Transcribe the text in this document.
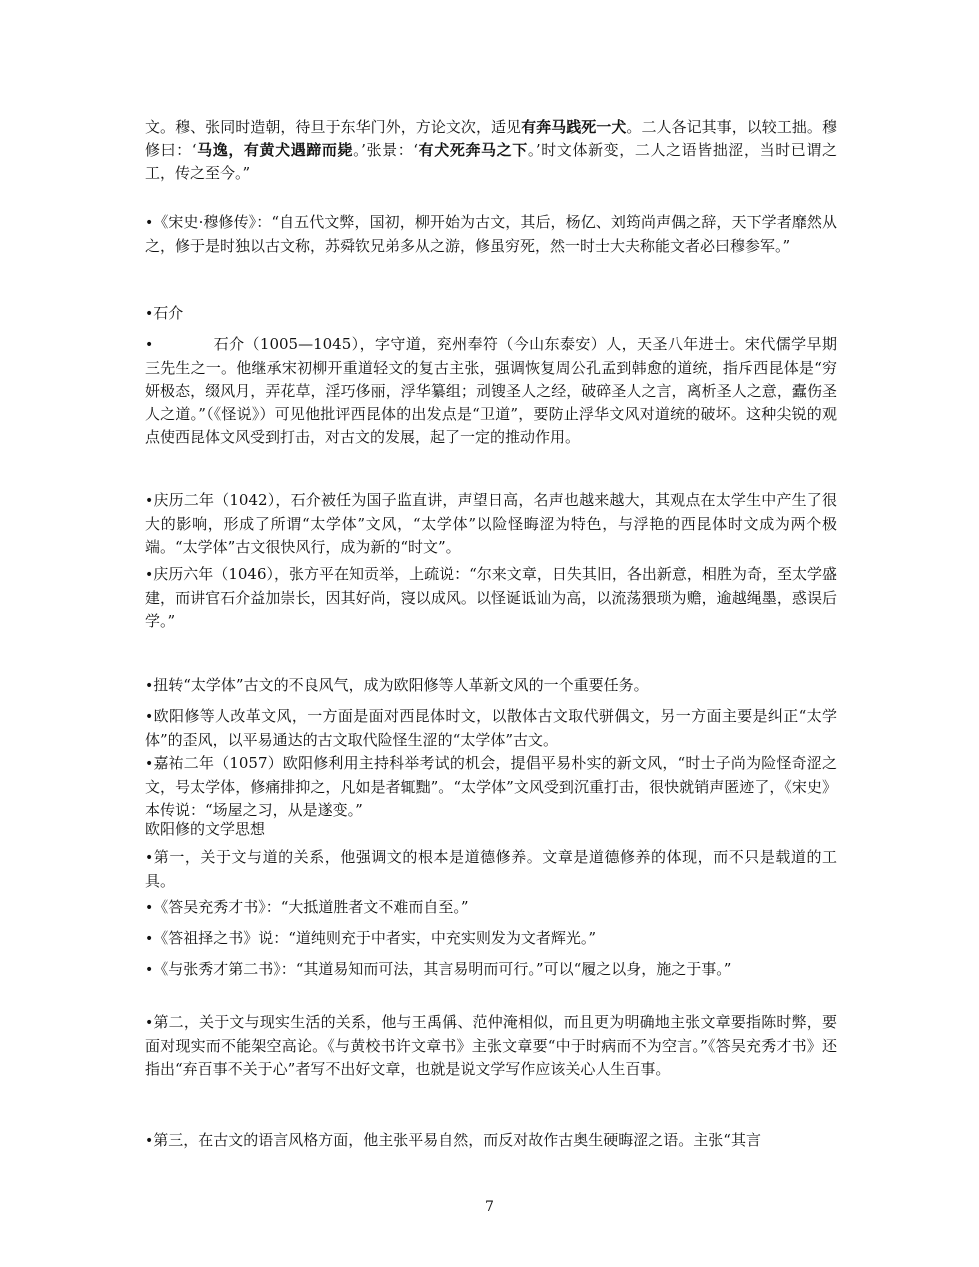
文。穆、张同时造朝，待旦于东华门外，方论文次，适见有奔马践死一犬。二人各记其事，以较工拙。穆修曰：‘马逸，有黄犬遇蹄而毙。’张景：‘有犬死奔马之下。’时文体新变，二人之语皆拙涩，当时已谓之工，传之至今。”

•《宋史·穆修传》：“自五代文弊，国初，柳开始为古文，其后，杨亿、刘筠尚声偶之辞，天下学者靡然从之，修于是时独以古文称，苏舜钦兄弟多从之游，修虽穷死，然一时士大夫称能文者必曰穆参军。”

•石介

•	石介（1005—1045），字守道，兖州奉符（今山东泰安）人，天圣八年进士。宋代儒学早期三先生之一。他继承宋初柳开重道轻文的复古主张，强调恢复周公孔孟到韩愈的道统，指斥西昆体是“穷妍极态，缀风月，弄花草，淫巧侈丽，浮华纂组；刓锼圣人之经，破碎圣人之言，离析圣人之意，蠹伤圣人之道。”（《怪说》）可见他批评西昆体的出发点是“卫道”，要防止浮华文风对道统的破坏。这种尖锐的观点使西昆体文风受到打击，对古文的发展，起了一定的推动作用。

•庆历二年（1042），石介被任为国子监直讲，声望日高，名声也越来越大，其观点在太学生中产生了很大的影响，形成了所谓“太学体”文风，“太学体”以险怪晦涩为特色，与浮艳的西昆体时文成为两个极端。“太学体”古文很快风行，成为新的“时文”。

•庆历六年（1046），张方平在知贡举，上疏说：“尔来文章，日失其旧，各出新意，相胜为奇，至太学盛建，而讲官石介益加崇长，因其好尚，寖以成风。以怪诞诋讪为高，以流荡猥琐为赡，逾越绳墨，惑误后学。”

•扭转“太学体”古文的不良风气，成为欧阳修等人革新文风的一个重要任务。

•欧阳修等人改革文风，一方面是面对西昆体时文，以散体古文取代骈偶文，另一方面主要是纠正“太学体”的歪风，以平易通达的古文取代险怪生涩的“太学体”古文。

•嘉祐二年（1057）欧阳修利用主持科举考试的机会，提倡平易朴实的新文风，“时士子尚为险怪奇涩之文，号太学体，修痛排抑之，凡如是者辄黜”。“太学体”文风受到沉重打击，很快就销声匿迹了，《宋史》本传说：“场屋之习，从是遂变。”

欧阳修的文学思想

•第一，关于文与道的关系，他强调文的根本是道德修养。文章是道德修养的体现，而不只是载道的工具。

•《答吴充秀才书》：“大抵道胜者文不难而自至。”

•《答祖择之书》说：“道纯则充于中者实，中充实则发为文者辉光。”

•《与张秀才第二书》：“其道易知而可法，其言易明而可行。”可以“履之以身，施之于事。”

•第二，关于文与现实生活的关系，他与王禹偁、范仲淹相似，而且更为明确地主张文章要指陈时弊，要面对现实而不能架空高论。《与黄校书许文章书》主张文章要“中于时病而不为空言。”《答吴充秀才书》还指出“弃百事不关于心”者写不出好文章，也就是说文学写作应该关心人生百事。

•第三，在古文的语言风格方面，他主张平易自然，而反对故作古奥生硬晦涩之语。主张“其言

7
